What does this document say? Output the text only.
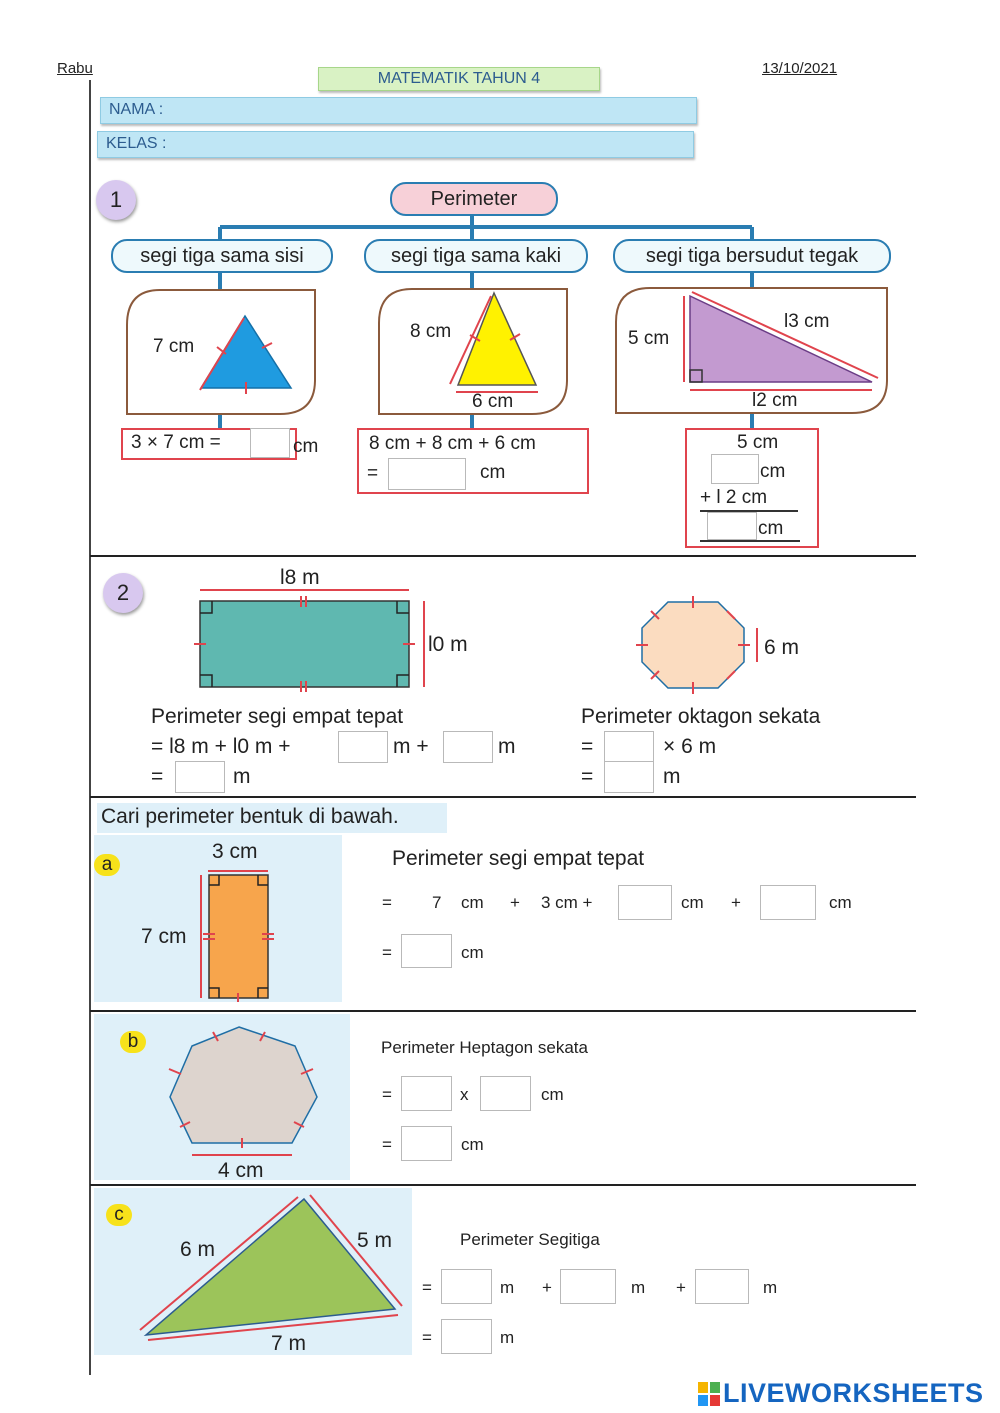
Rabu	13/10/2021
MATEMATIK TAHUN 4
NAMA :
KELAS :
1	Perimeter
segi tiga sama sisi	segi tiga sama kaki	segi tiga bersudut tegak
7 cm
8 cm
6 cm
5 cm
l2 cm
l3 cm
3 × 7 cm =	cm	8 cm + 8 cm + 6 cm
=	cm
5 cm
cm
+ l 2 cm
cm
2
l8 m
l0 m	6 m
Perimeter segi empat tepat
= l8 m + l0 m +	m +	m
=	m
Perimeter oktagon sekata
=	× 6 m
=	m
Cari perimeter bentuk di bawah.
a
3 cm
7 cm
Perimeter segi empat tepat
= 7 cm + 3 cm +	cm +	cm
=	cm
b
4 cm
Perimeter Heptagon sekata
=	x	cm
=	cm
c
6 m	5 m
7 m
Perimeter Segitiga
=	m +	m +	m
=	m
LIVEWORKSHEETS
